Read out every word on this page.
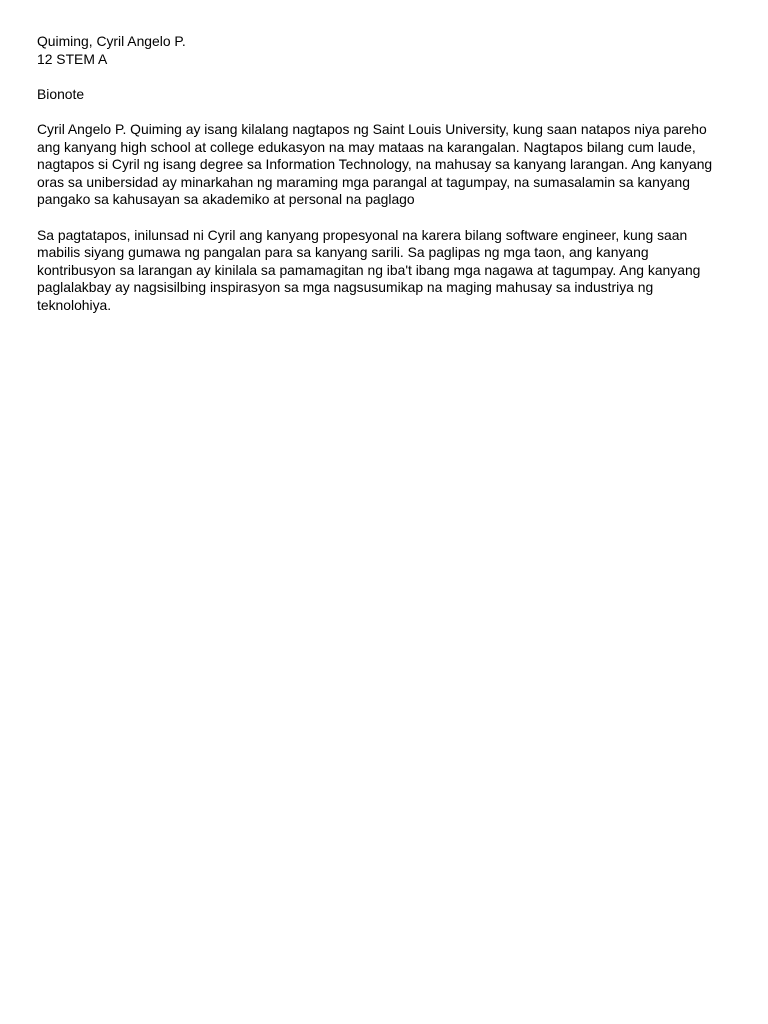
Quiming, Cyril Angelo P.
12 STEM A
Bionote

Cyril Angelo P. Quiming ay isang kilalang nagtapos ng Saint Louis University, kung saan natapos niya pareho
ang kanyang high school at college edukasyon na may mataas na karangalan. Nagtapos bilang cum laude,
nagtapos si Cyril ng isang degree sa Information Technology, na mahusay sa kanyang larangan. Ang kanyang
oras sa unibersidad ay minarkahan ng maraming mga parangal at tagumpay, na sumasalamin sa kanyang
pangako sa kahusayan sa akademiko at personal na paglago

Sa pagtatapos, inilunsad ni Cyril ang kanyang propesyonal na karera bilang software engineer, kung saan
mabilis siyang gumawa ng pangalan para sa kanyang sarili. Sa paglipas ng mga taon, ang kanyang
kontribusyon sa larangan ay kinilala sa pamamagitan ng iba't ibang mga nagawa at tagumpay. Ang kanyang
paglalakbay ay nagsisilbing inspirasyon sa mga nagsusumikap na maging mahusay sa industriya ng
teknolohiya.
